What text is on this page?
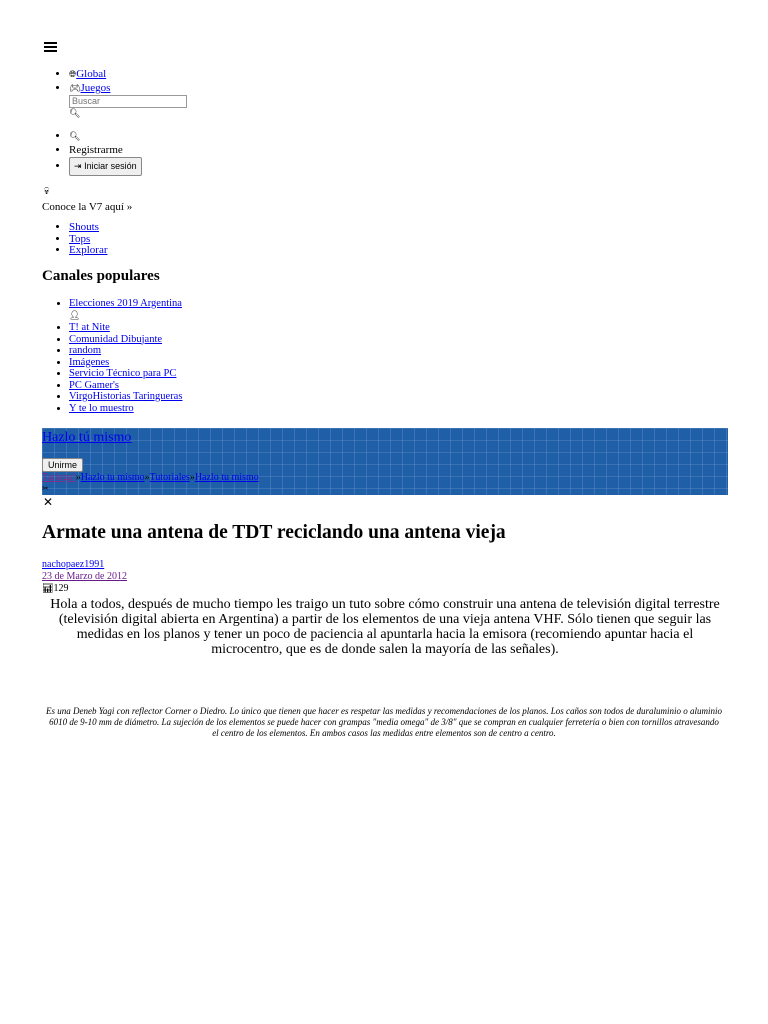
• 🌐︎Global
• 🎮︎Juegos
Buscar
🔍︎
• 🔍︎
• Registrarme
• ⇥ Iniciar sesión
💀︎
Conoce la V7 aquí »
• Shouts
• Tops
• Explorar
Canales populares
• Elecciones 2019 Argentina
👤︎
• T! at Nite
• Comunidad Dibujante
• random
• Imágenes
• Servicio Técnico para PC
• PC Gamer's
• VirgoHistorias Taringueras
• Y te lo muestro
Hazlo tú mismo
Unirme
Taringa!»Hazlo tu mismo»Tutoriales»Hazlo tu mismo
✂
✕
Armate una antena de TDT reciclando una antena vieja
nachopaez1991
23 de Marzo de 2012
📊︎129

Hola a todos, después de mucho tiempo les traigo un tuto sobre cómo construir una antena de televisión digital terrestre (televisión digital abierta en Argentina) a partir de los elementos de una vieja antena VHF. Sólo tienen que seguir las medidas en los planos y tener un poco de paciencia al apuntarla hacia la emisora (recomiendo apuntar hacia el microcentro, que es de donde salen la mayoría de las señales).

Es una Deneb Yagi con reflector Corner o Diedro. Lo único que tienen que hacer es respetar las medidas y recomendaciones de los planos. Los caños son todos de duraluminio o aluminio 6010 de 9-10 mm de diámetro. La sujeción de los elementos se puede hacer con grampas "media omega" de 3/8" que se compran en cualquier ferretería o bien con tornillos atravesando el centro de los elementos. En ambos casos las medidas entre elementos son de centro a centro.
